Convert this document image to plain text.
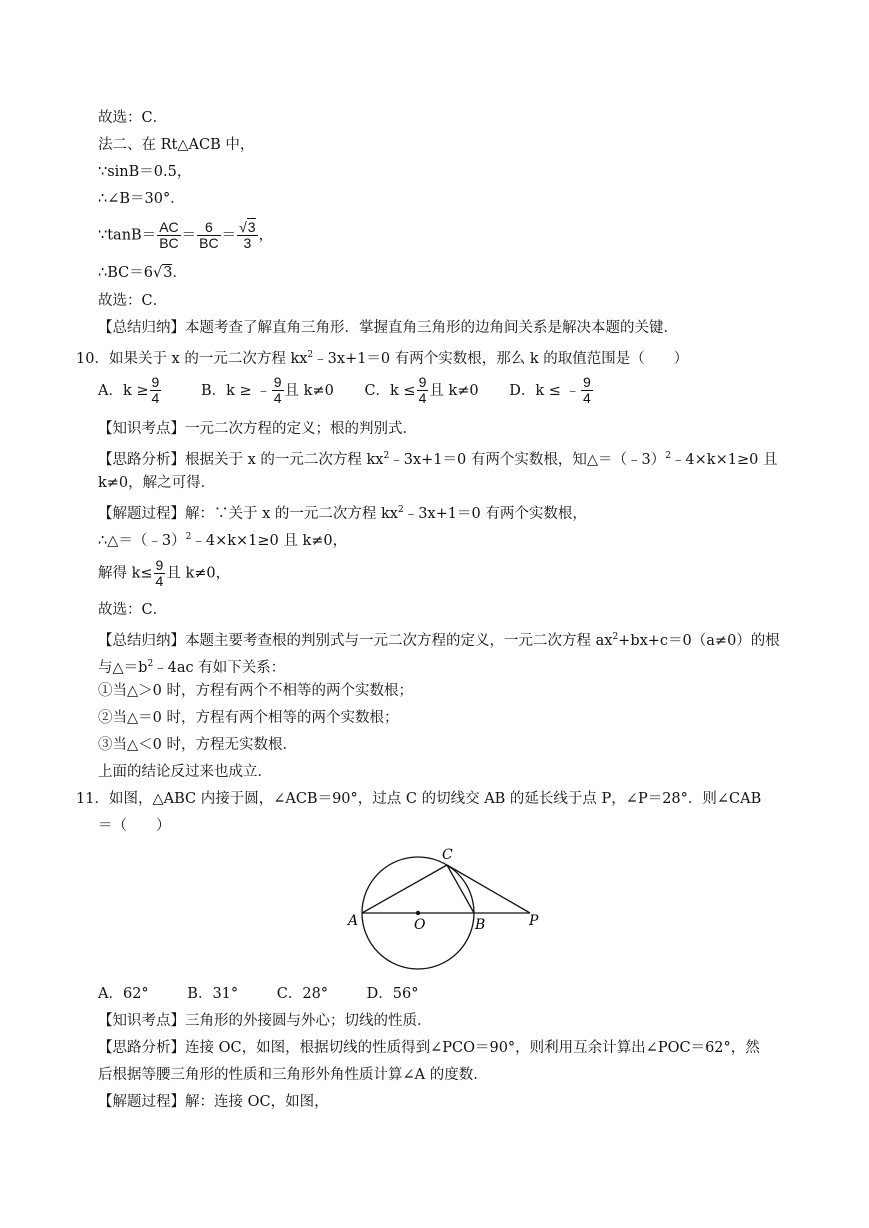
故选：C．
法二、在 Rt△ACB 中，
∵sinB＝0.5，
∴∠B＝30°．
∵tanB＝ $\frac{AC}{BC} = \frac{6}{BC} = \frac{√3}{3}$ ，
∴BC＝6√3．
故选：C．
【总结归纳】本题考查了解直角三角形．掌握直角三角形的边角间关系是解决本题的关键．
10．如果关于 x 的一元二次方程 $kx^2﹣3x+1=0$ 有两个实数根，那么 k 的取值范围是（　　）
A．$k \ge \frac{9}{4}$	B．k ≥ ﹣ $\frac{9}{4}$ 且 k≠0 C．$k \le \frac{9}{4}$ 且 k≠0 D．k ≤ ﹣ $\frac{9}{4}$
【知识考点】一元二次方程的定义；根的判别式．
【思路分析】根据关于 x 的一元二次方程 $kx^2﹣3x+1=0$ 有两个实数根，知△＝（﹣3）$^2$﹣4×k×1≥0 且
k≠0，解之可得．
【解题过程】解：∵关于 x 的一元二次方程 $kx^2﹣3x+1=0$ 有两个实数根，
∴△＝（﹣3）$^2$﹣4×k×1≥0 且 k≠0，
解得 $k\le \frac{9}{4}$ 且 k≠0，
故选：C．
【总结归纳】本题主要考查根的判别式与一元二次方程的定义，一元二次方程 $ax^2+bx+c=0(a\ne 0)$的根
与$\triangle=b^2﹣4ac$ 有如下关系：
①当△＞0 时，方程有两个不相等的两个实数根；
②当△＝0 时，方程有两个相等的两个实数根；
③当△＜0 时，方程无实数根．
上面的结论反过来也成立．
11．如图，△ABC 内接于圆，∠ACB＝90°，过点 C 的切线交 AB 的延长线于点 P，∠P＝28°．则∠CAB
＝（　　）
A	O	B	P
C
A．62°	B．31°	C．28°	D．56°
【知识考点】三角形的外接圆与外心；切线的性质．
【思路分析】连接 OC，如图，根据切线的性质得到∠PCO＝90°，则利用互余计算出∠POC＝62°，然
后根据等腰三角形的性质和三角形外角性质计算∠A 的度数．
【解题过程】解：连接 OC，如图，
